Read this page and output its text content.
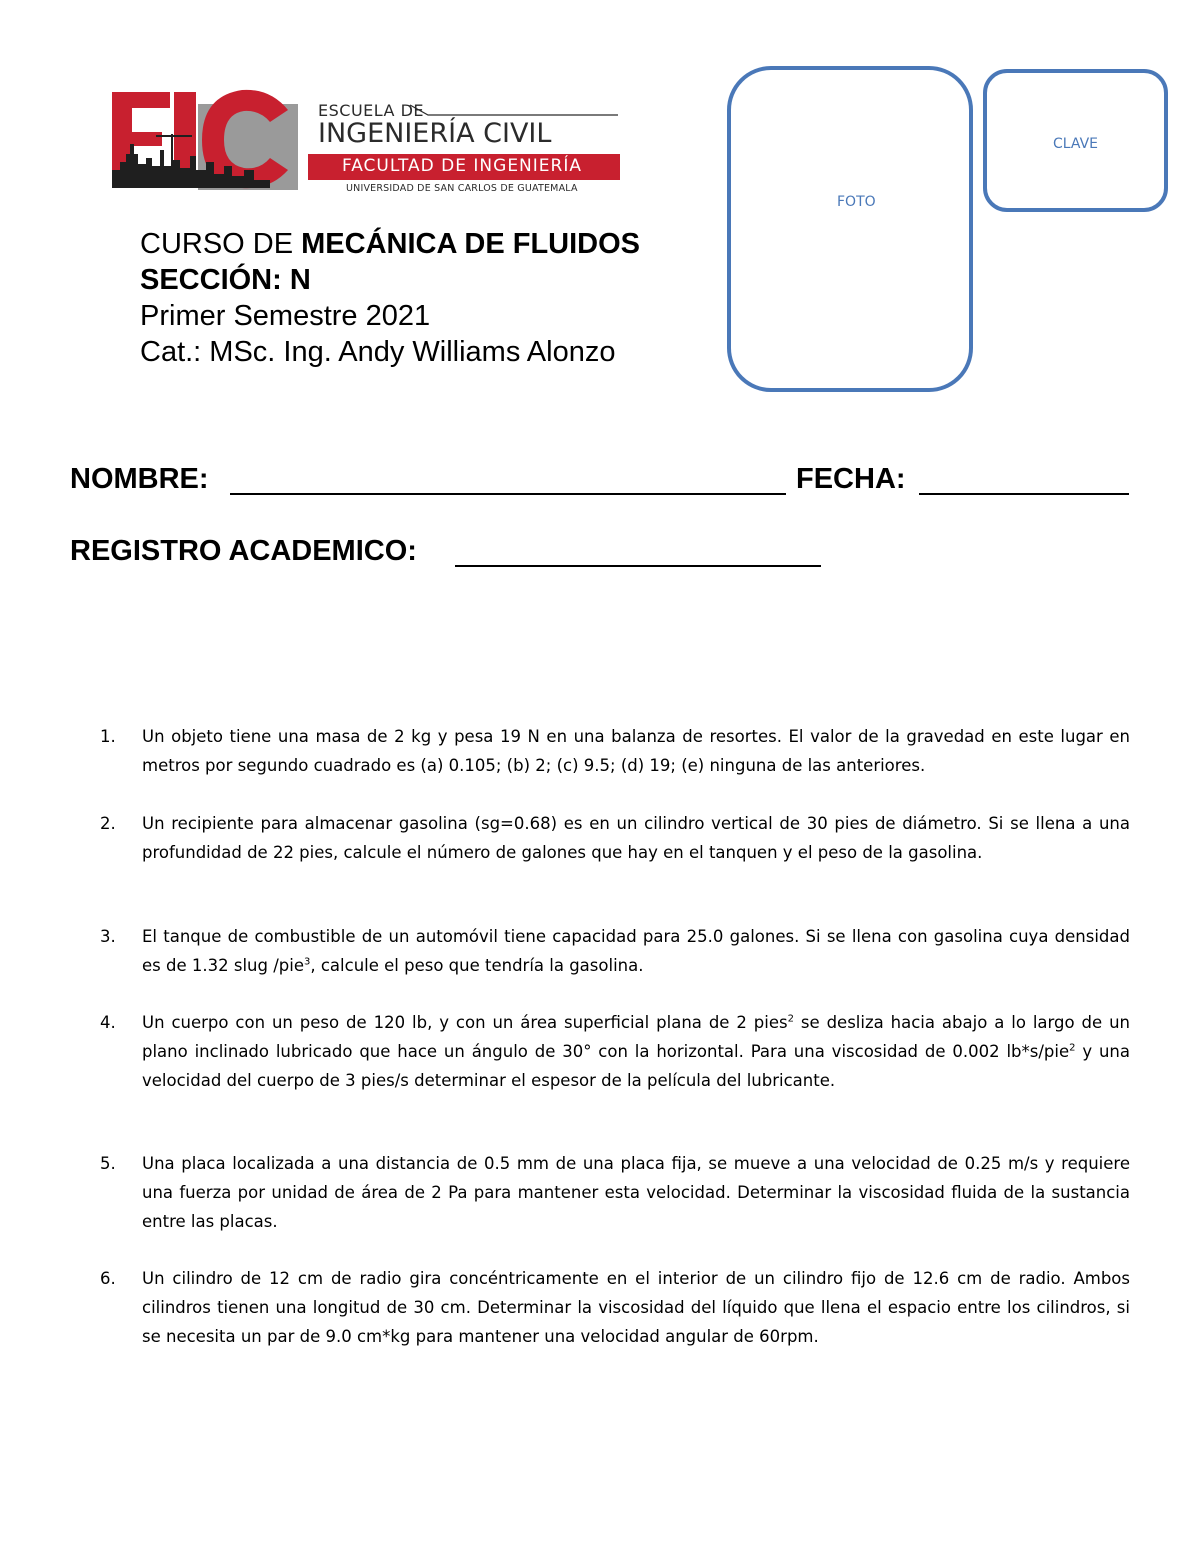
ESCUELA DE
INGENIERÍA CIVIL
FACULTAD DE INGENIERÍA
UNIVERSIDAD DE SAN CARLOS DE GUATEMALA
FOTO
CLAVE
CURSO DE MECÁNICA DE FLUIDOS
SECCIÓN: N
Primer Semestre 2021
Cat.: MSc. Ing. Andy Williams Alonzo
NOMBRE:	FECHA:
REGISTRO ACADEMICO:
1.	Un objeto tiene una masa de 2 kg y pesa 19 N en una balanza de resortes. El valor de la gravedad en este lugar en metros por segundo cuadrado es (a) 0.105; (b) 2; (c) 9.5; (d) 19; (e) ninguna de las anteriores.
2.	Un recipiente para almacenar gasolina (sg=0.68) es en un cilindro vertical de 30 pies de diámetro. Si se llena a una profundidad de 22 pies, calcule el número de galones que hay en el tanquen y el peso de la gasolina.
3.	El tanque de combustible de un automóvil tiene capacidad para 25.0 galones. Si se llena con gasolina cuya densidad es de 1.32 slug /pie$^3$, calcule el peso que tendría la gasolina.
4.	Un cuerpo con un peso de 120 lb, y con un área superficial plana de 2 pies$^2$ se desliza hacia abajo a lo largo de un plano inclinado lubricado que hace un ángulo de 30° con la horizontal. Para una viscosidad de 0.002 lb*s/pie$^2$ y una velocidad del cuerpo de 3 pies/s determinar el espesor de la película del lubricante.
5.	Una placa localizada a una distancia de 0.5 mm de una placa fija, se mueve a una velocidad de 0.25 m/s y requiere una fuerza por unidad de área de 2 Pa para mantener esta velocidad. Determinar la viscosidad fluida de la sustancia entre las placas.
6.	Un cilindro de 12 cm de radio gira concéntricamente en el interior de un cilindro fijo de 12.6 cm de radio. Ambos cilindros tienen una longitud de 30 cm. Determinar la viscosidad del líquido que llena el espacio entre los cilindros, si se necesita un par de 9.0 cm*kg para mantener una velocidad angular de 60rpm.
